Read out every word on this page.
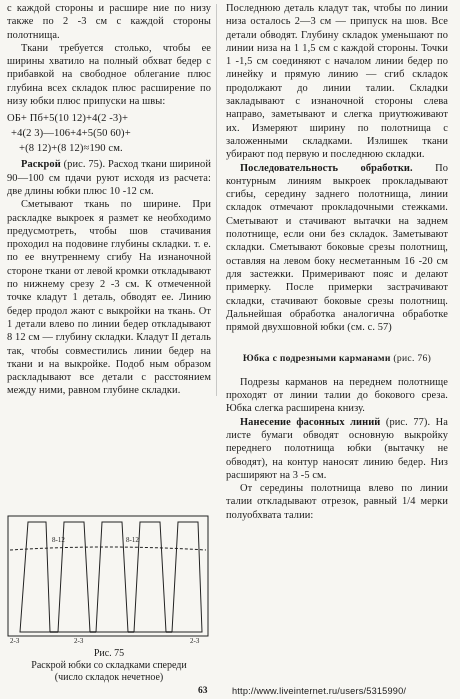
с каждой стороны и расшире ние по низу также по 2 -3 см с каждой стороны полотнища.

Ткани требуется столько, чтобы ее ширины хватило на полный обхват бедер с прибавкой на свободное облегание плюс глубина всех складок плюс расширение по низу юбки плюс припуски на швы:

ОБ+ Пб+5(10 12)+4(2 -3)+
+4(2 3)—106+4+5(50 60)+
+(8 12)+(8 12)≈190 см.

Раскрой (рис. 75). Расход ткани шириной 90—100 см пдачи руют исходя из расчета: две длины юбки плюс 10 -12 см.

Сметывают ткань по ширине. При раскладке выкроек я размет ке необходимо предусмотреть, чтобы шов стачивания проходил на подовине глубины складки. т. е. по ее внутреннему сгибу На изнаночной стороне ткани от левой кромки откладывают по нижнему срезу 2 -3 см. К отмеченной точке кладут 1 деталь, обводят ее. Линию бедер продол жают с выкройки на ткань. От 1 детали влево по линии бедер откладывают 8 12 см — глубину складки. Кладут II деталь так, чтобы совместились линии бедер на ткани и на выкройке. Подоб ным образом раскладывают все детали с расстоянием между ними, равном глубине складки.

Последнюю деталь кладут так, чтобы по линии низа осталось 2—3 см — припуск на шов. Все детали обводят. Глубину складок уменьшают по линии низа на 1 1,5 см с каждой стороны. Точки 1 -1,5 см соединяют с началом линии бедер по линейку и прямую линию — сгиб складок продолжают до линии талии. Складки закладывают с изнаночной стороны слева направо, заметывают и слегка приутюживают их. Измеряют ширину по полотнища с заложенными складками. Излишек ткани убирают под первую и последнюю складки.

Последовательность обработки. По контурным линиям выкроек прокладывают сгибы, середину заднего полотнища, линии складок отмечают прокладочными стежками. Сметывают и стачивают вытачки на заднем полотнище, если они без складок. Заметывают складки. Сметывают боковые срезы полотнищ, оставляя на левом боку несметанным 16 -20 см для застежки. Примеривают пояс и делают примерку. После примерки застрачивают складки, стачивают боковые срезы полотнищ. Дальнейшая обработка аналогична обработке прямой двухшовной юбки (см. с. 57)

Юбка с подрезными карманами (рис. 76)

Подрезы карманов на переднем полотнище проходят от линии талии до бокового среза. Юбка слегка расширена книзу.

Нанесение фасонных линий (рис. 77). На листе бумаги обводят основную выкройку переднего полотнища юбки (вытачку не обводят), на контур наносят линию бедер. Низ расширяют на 3 -5 см.

От середины полотнища влево по линии талии откладывают отрезок, равный 1/4 мерки полуобхвата талии:

2-3	2-3	2-3
8-12	8-12
Рис. 75
Раскрой юбки со складками спереди
(число складок нечетное)
63	http://www.liveinternet.ru/users/5315990/
